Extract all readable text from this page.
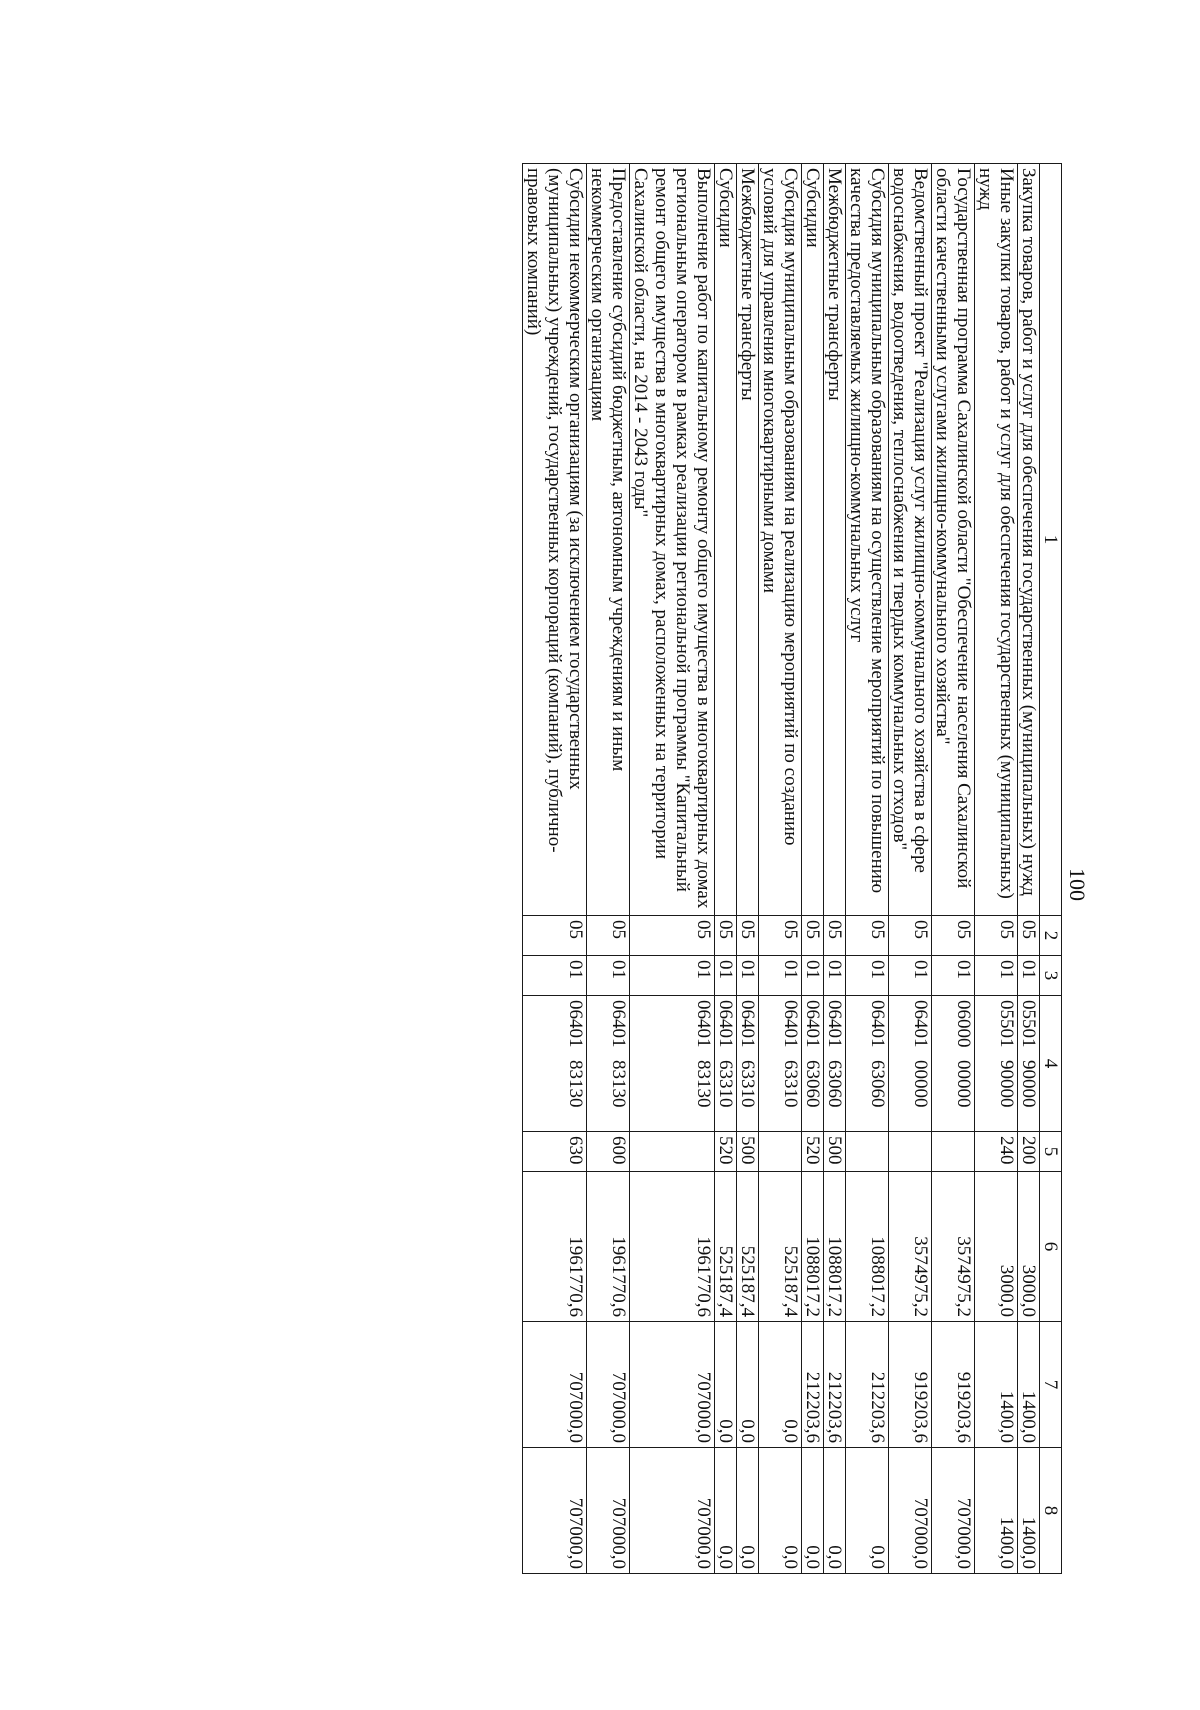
100
1	2	3	4	5	6	7	8
Закупка товаров, работ и услуг для обеспечения государственных (муниципальных) нужд	05	01	0550190000	200	3000,0	1400,0	1400,0
Иные закупки товаров, работ и услуг для обеспечения государственных (муниципальных) нужд	05	01	0550190000	240	3000,0	1400,0	1400,0
Государственная программа Сахалинской области "Обеспечение населения Сахалинской области качественными услугами жилищно-коммунального хозяйства"	05	01	0600000000		3574975,2	919203,6	707000,0
Ведомственный проект "Реализация услуг жилищно-коммунального хозяйства в сфере водоснабжения, водоотведения, теплоснабжения и твердых коммунальных отходов"	05	01	0640100000		3574975,2	919203,6	707000,0
Субсидия муниципальным образованиям на осуществление мероприятий по повышению качества предоставляемых жилищно-коммунальных услуг	05	01	0640163060		1088017,2	212203,6	0,0
Межбюджетные трансферты	05	01	0640163060	500	1088017,2	212203,6	0,0
Субсидии	05	01	0640163060	520	1088017,2	212203,6	0,0
Субсидия муниципальным образованиям на реализацию мероприятий по созданию условий для управления многоквартирными домами	05	01	0640163310		525187,4	0,0	0,0
Межбюджетные трансферты	05	01	0640163310	500	525187,4	0,0	0,0
Субсидии	05	01	0640163310	520	525187,4	0,0	0,0
Выполнение работ по капитальному ремонту общего имущества в многоквартирных домах региональным оператором в рамках реализации региональной программы "Капитальный ремонт общего имущества в многоквартирных домах, расположенных на территории Сахалинской области, на 2014 - 2043 годы"	05	01	0640183130		1961770,6	707000,0	707000,0
Предоставление субсидий бюджетным, автономным учреждениям и иным некоммерческим организациям	05	01	0640183130	600	1961770,6	707000,0	707000,0
Субсидии некоммерческим организациям (за исключением государственных (муниципальных) учреждений, государственных корпораций (компаний), публично-правовых компаний)	05	01	0640183130	630	1961770,6	707000,0	707000,0
